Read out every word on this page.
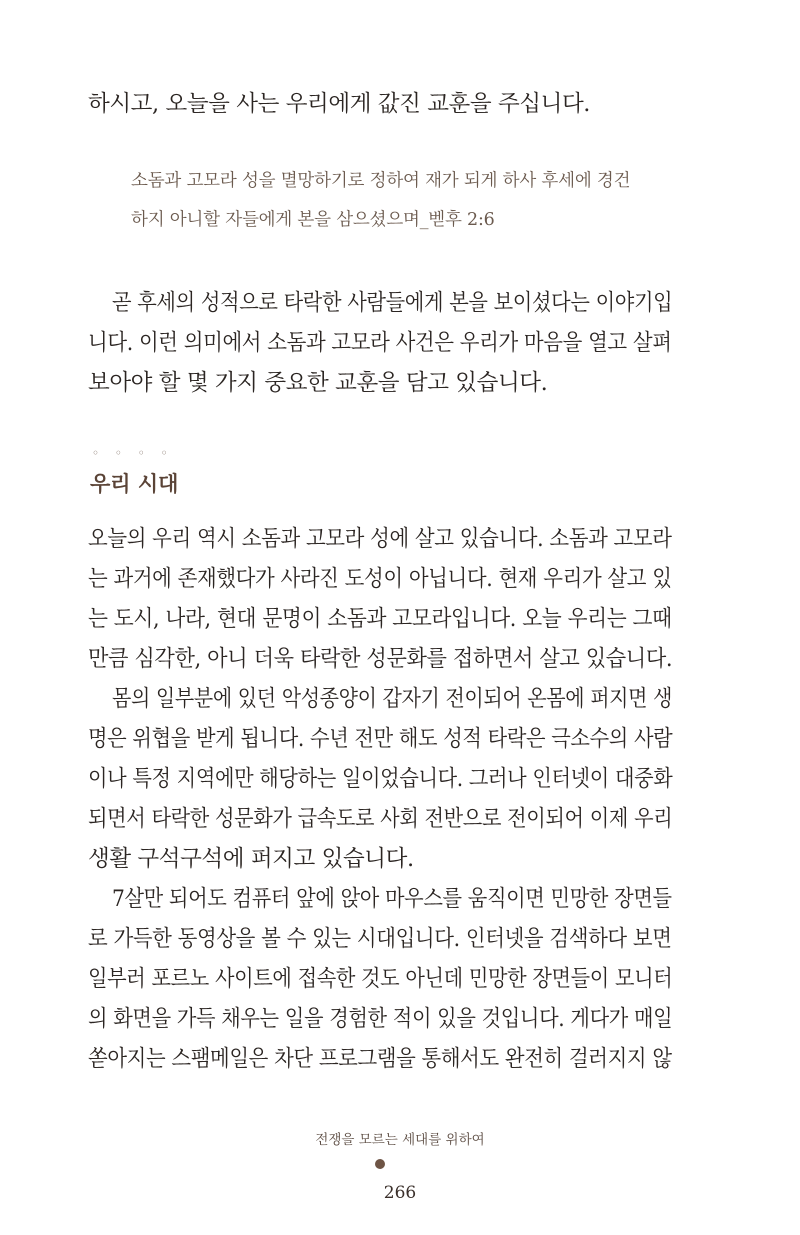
하시고, 오늘을 사는 우리에게 값진 교훈을 주십니다.
소돔과 고모라 성을 멸망하기로 정하여 재가 되게 하사 후세에 경건
하지 아니할 자들에게 본을 삼으셨으며_벧후 2:6
곧 후세의 성적으로 타락한 사람들에게 본을 보이셨다는 이야기입
니다. 이런 의미에서 소돔과 고모라 사건은 우리가 마음을 열고 살펴
보아야 할 몇 가지 중요한 교훈을 담고 있습니다.
◦ ◦ ◦ ◦
우리 시대
오늘의 우리 역시 소돔과 고모라 성에 살고 있습니다. 소돔과 고모라
는 과거에 존재했다가 사라진 도성이 아닙니다. 현재 우리가 살고 있
는 도시, 나라, 현대 문명이 소돔과 고모라입니다. 오늘 우리는 그때
만큼 심각한, 아니 더욱 타락한 성문화를 접하면서 살고 있습니다.
몸의 일부분에 있던 악성종양이 갑자기 전이되어 온몸에 퍼지면 생
명은 위협을 받게 됩니다. 수년 전만 해도 성적 타락은 극소수의 사람
이나 특정 지역에만 해당하는 일이었습니다. 그러나 인터넷이 대중화
되면서 타락한 성문화가 급속도로 사회 전반으로 전이되어 이제 우리
생활 구석구석에 퍼지고 있습니다.
7살만 되어도 컴퓨터 앞에 앉아 마우스를 움직이면 민망한 장면들
로 가득한 동영상을 볼 수 있는 시대입니다. 인터넷을 검색하다 보면
일부러 포르노 사이트에 접속한 것도 아닌데 민망한 장면들이 모니터
의 화면을 가득 채우는 일을 경험한 적이 있을 것입니다. 게다가 매일
쏟아지는 스팸메일은 차단 프로그램을 통해서도 완전히 걸러지지 않
전쟁을 모르는 세대를 위하여
266
